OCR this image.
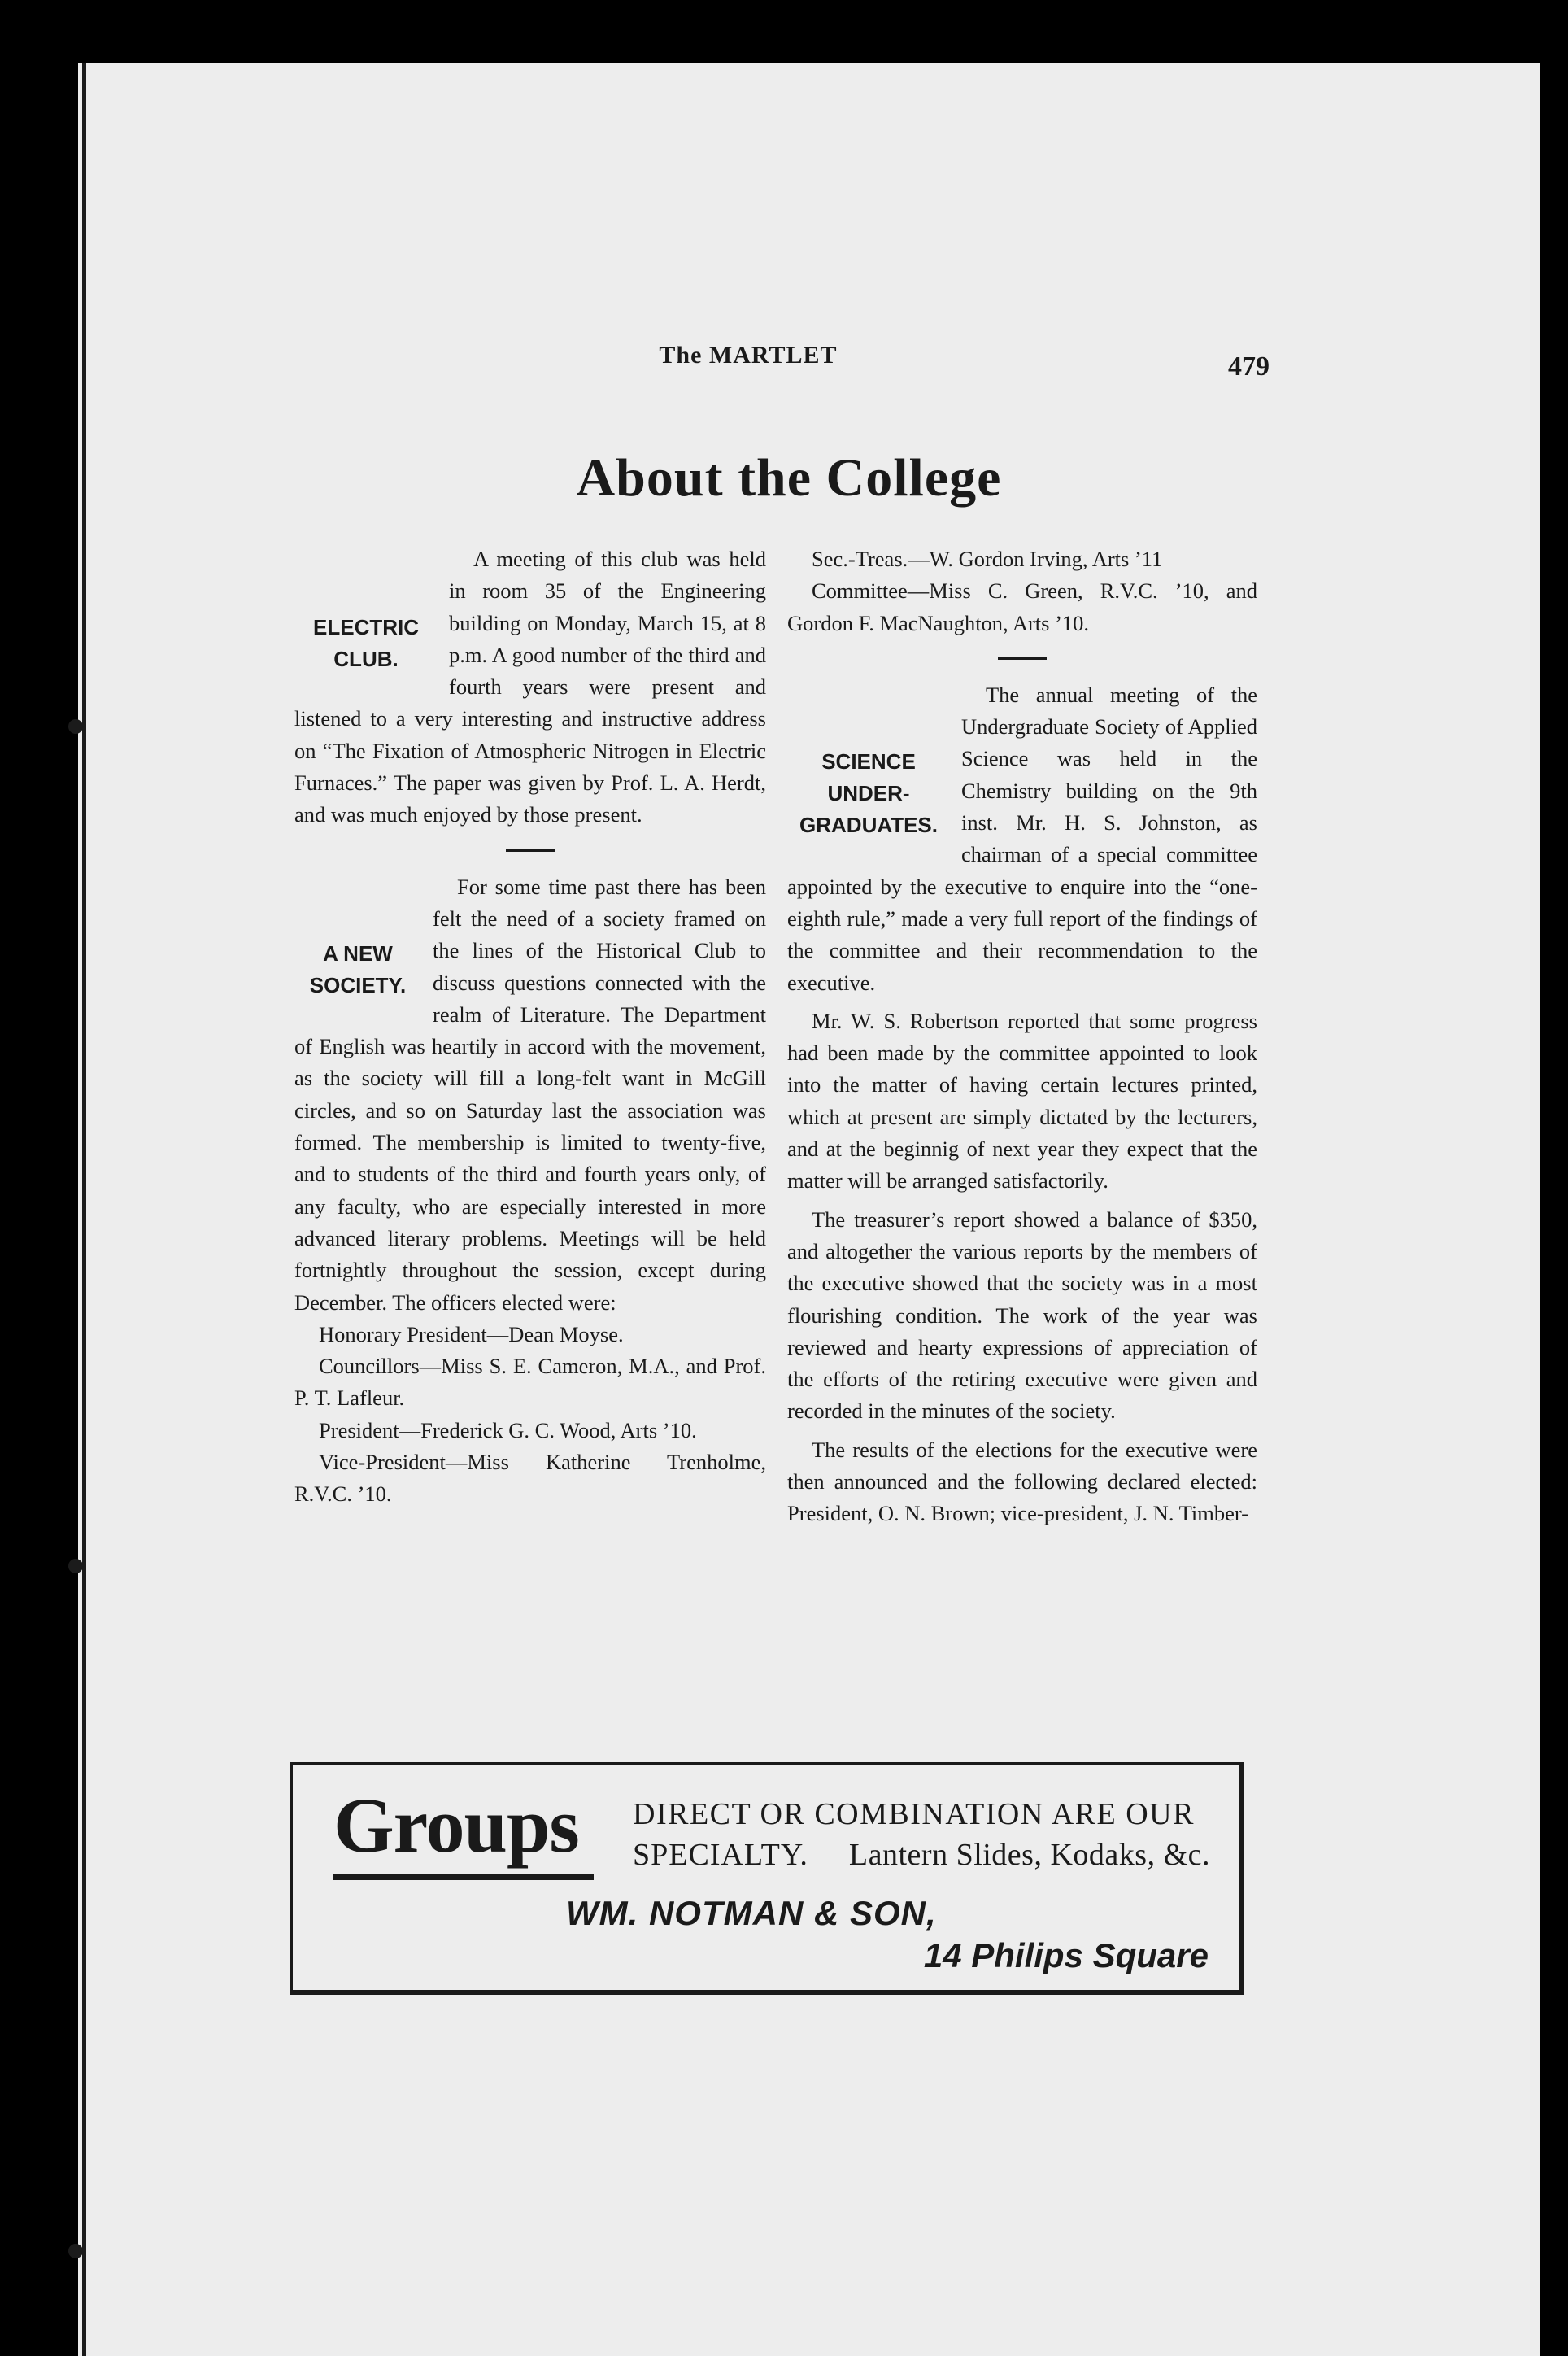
The MARTLET	479
About the College
ELECTRIC CLUB.

A meeting of this club was held in room 35 of the Engineering building on Monday, March 15, at 8 p.m. A good number of the third and fourth years were present and listened to a very interesting and instructive address on “The Fixation of Atmospheric Nitrogen in Electric Furnaces.” The paper was given by Prof. L. A. Herdt, and was much enjoyed by those present.

A NEW SOCIETY.

For some time past there has been felt the need of a society framed on the lines of the Historical Club to discuss questions connected with the realm of Literature. The Department of English was heartily in accord with the movement, as the society will fill a long-felt want in McGill circles, and so on Saturday last the association was formed. The membership is limited to twenty-five, and to students of the third and fourth years only, of any faculty, who are especially interested in more advanced literary problems. Meetings will be held fortnightly throughout the session, except during December. The officers elected were:

Honorary President—Dean Moyse.

Councillors—Miss S. E. Cameron, M.A., and Prof. P. T. Lafleur.

President—Frederick G. C. Wood, Arts ’10.

Vice-President—Miss Katherine Trenholme, R.V.C. ’10.

Sec.-Treas.—W. Gordon Irving, Arts ’11

Committee—Miss C. Green, R.V.C. ’10, and Gordon F. MacNaughton, Arts ’10.

SCIENCE UNDER- GRADUATES.

The annual meeting of the Undergraduate Society of Applied Science was held in the Chemistry building on the 9th inst. Mr. H. S. Johnston, as chairman of a special committee appointed by the executive to enquire into the “one-eighth rule,” made a very full report of the findings of the committee and their recommendation to the executive.

Mr. W. S. Robertson reported that some progress had been made by the committee appointed to look into the matter of having certain lectures printed, which at present are simply dictated by the lecturers, and at the beginnig of next year they expect that the matter will be arranged satisfactorily.

The treasurer’s report showed a balance of $350, and altogether the various reports by the members of the executive showed that the society was in a most flourishing condition. The work of the year was reviewed and hearty expressions of appreciation of the efforts of the retiring executive were given and recorded in the minutes of the society.

The results of the elections for the executive were then announced and the following declared elected: President, O. N. Brown; vice-president, J. N. Timber-

Groups DIRECT OR COMBINATION ARE OUR
SPECIALTY. Lantern Slides, Kodaks, &c.
WM. NOTMAN & SON,
14 Philips Square
